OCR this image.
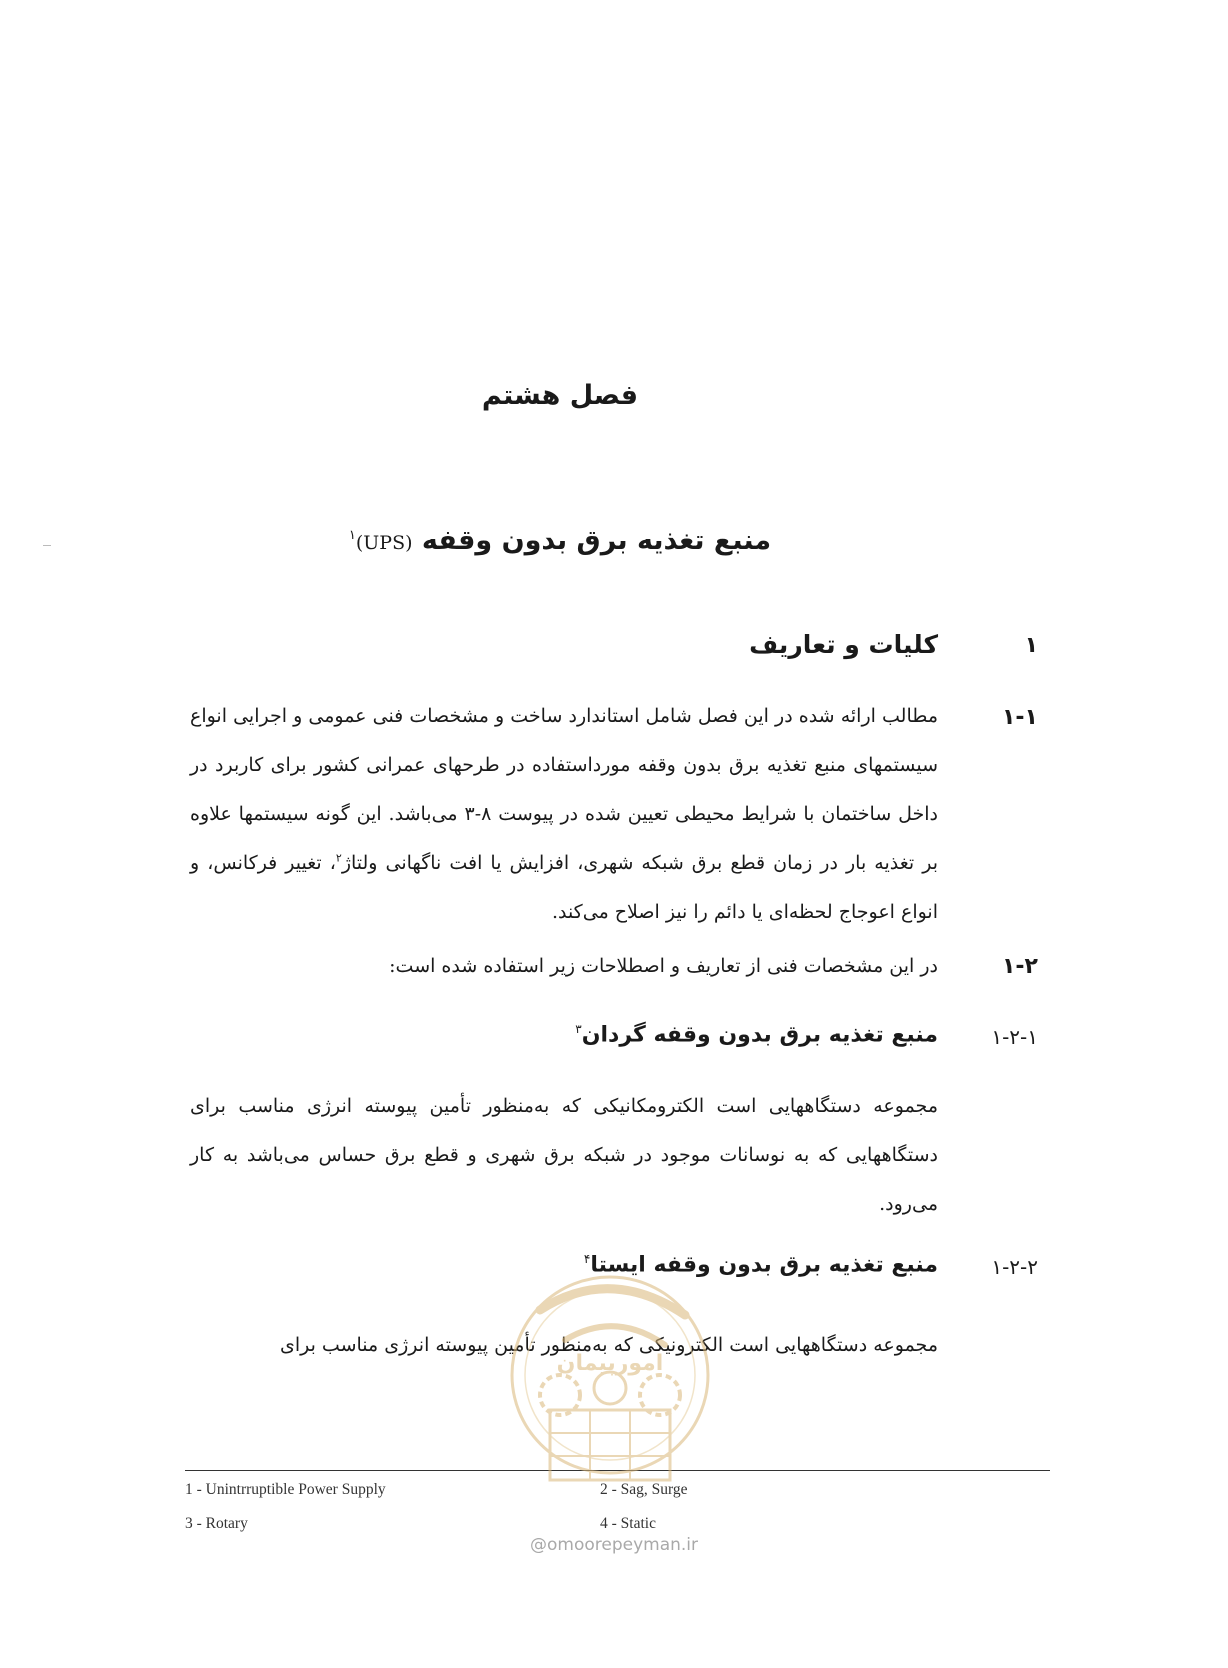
فصل هشتم
منبع تغذیه برق بدون وقفه (UPS)$^۱$
۱
کلیات و تعاریف
۱-۱
مطالب ارائه شده در این فصل شامل استاندارد ساخت و مشخصات فنی عمومی و اجرایی انواع سیستمهای منبع تغذیه برق بدون وقفه مورداستفاده در طرحهای عمرانی کشور برای کاربرد در داخل ساختمان با شرایط محیطی تعیین شده در پیوست ۸-۳ می‌باشد. این گونه سیستمها علاوه بر تغذیه بار در زمان قطع برق شبکه شهری، افزایش یا افت ناگهانی ولتاژ$^۲$، تغییر فرکانس، و انواع اعوجاج لحظه‌ای یا دائم را نیز اصلاح می‌کند.
۱-۲
در این مشخصات فنی از تعاریف و اصطلاحات زیر استفاده شده است:
۱-۲-۱
منبع تغذیه برق بدون وقفه گردان$^۳$
مجموعه دستگاههایی است الکترومکانیکی که به‌منظور تأمین پیوسته انرژی مناسب برای دستگاههایی که به نوسانات موجود در شبکه برق شهری و قطع برق حساس می‌باشد به کار می‌رود.
۱-۲-۲
منبع تغذیه برق بدون وقفه ایستا$^۴$
مجموعه دستگاههایی است الکترونیکی که به‌منظور تأمین پیوسته انرژی مناسب برای
1 - Unintrruptible Power Supply	2 - Sag, Surge
3 - Rotary	4 - Static
امورپیمان
@omoorepeyman.ir
